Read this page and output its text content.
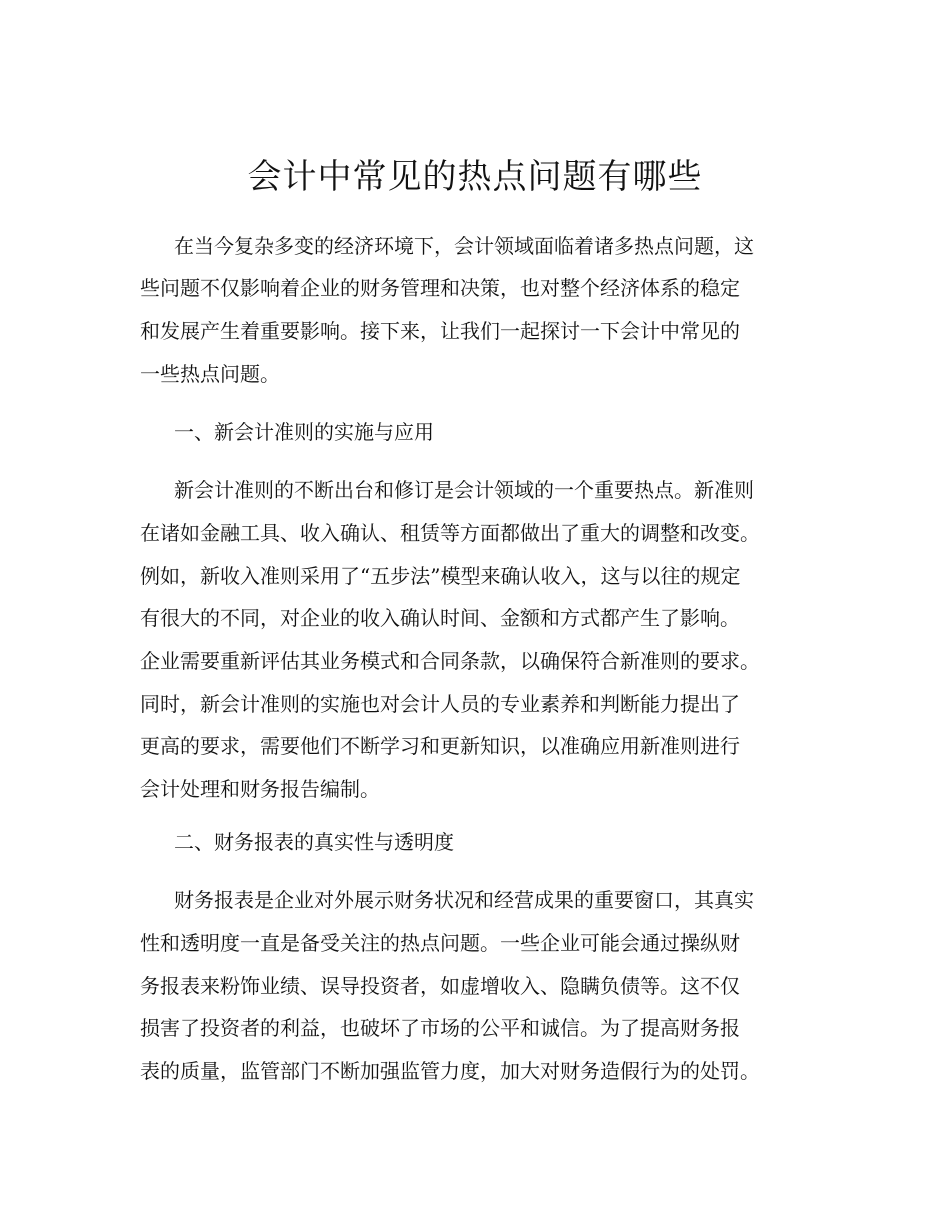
会计中常见的热点问题有哪些
在当今复杂多变的经济环境下，会计领域面临着诸多热点问题，这
些问题不仅影响着企业的财务管理和决策，也对整个经济体系的稳定
和发展产生着重要影响。接下来，让我们一起探讨一下会计中常见的
一些热点问题。
一、新会计准则的实施与应用
新会计准则的不断出台和修订是会计领域的一个重要热点。新准则
在诸如金融工具、收入确认、租赁等方面都做出了重大的调整和改变。
例如，新收入准则采用了“五步法”模型来确认收入，这与以往的规定
有很大的不同，对企业的收入确认时间、金额和方式都产生了影响。
企业需要重新评估其业务模式和合同条款，以确保符合新准则的要求。
同时，新会计准则的实施也对会计人员的专业素养和判断能力提出了
更高的要求，需要他们不断学习和更新知识，以准确应用新准则进行
会计处理和财务报告编制。
二、财务报表的真实性与透明度
财务报表是企业对外展示财务状况和经营成果的重要窗口，其真实
性和透明度一直是备受关注的热点问题。一些企业可能会通过操纵财
务报表来粉饰业绩、误导投资者，如虚增收入、隐瞒负债等。这不仅
损害了投资者的利益，也破坏了市场的公平和诚信。为了提高财务报
表的质量，监管部门不断加强监管力度，加大对财务造假行为的处罚。
